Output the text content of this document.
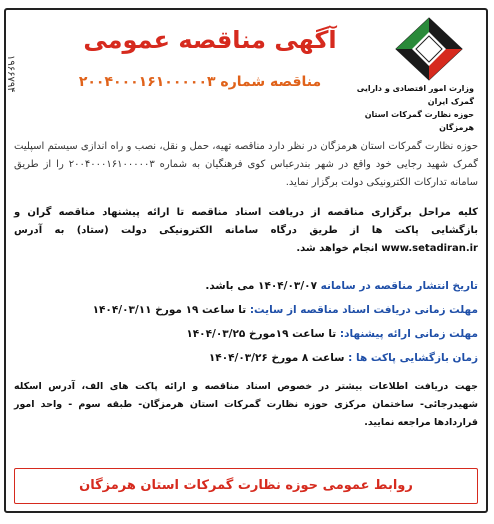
۱۹۶۶۷۹۴	وزارت امور اقتصادی و دارایی
گمرک ایران
حوزه نظارت گمرکات استان هرمزگان
آگهی مناقصه عمومی
مناقصه شماره ۲۰۰۴۰۰۰۱۶۱۰۰۰۰۰۳
حوزه نظارت گمرکات استان هرمزگان در نظر دارد مناقصه تهیه، حمل و نقل، نصب و راه اندازی سیستم اسپلیت گمرک شهید رجایی خود واقع در شهر بندرعباس کوی فرهنگیان به شماره ۲۰۰۴۰۰۰۱۶۱۰۰۰۰۰۳ را از طریق سامانه تدارکات الکترونیکی دولت برگزار نماید.
کلیه مراحل برگزاری مناقصه از دریافت اسناد مناقصه تا ارائه پیشنهاد مناقصه گران و بازگشایی پاکت ها از طریق درگاه سامانه الکترونیکی دولت (ستاد) به آدرس www.setadiran.ir انجام خواهد شد.
تاریخ انتشار مناقصه در سامانه ۱۴۰۴/۰۳/۰۷ می باشد.
مهلت زمانی دریافت اسناد مناقصه از سایت: تا ساعت ۱۹ مورخ ۱۴۰۴/۰۳/۱۱
مهلت زمانی ارائه پیشنهاد: تا ساعت ۱۹مورخ ۱۴۰۴/۰۳/۲۵
زمان بازگشایی پاکت ها : ساعت ۸ مورخ ۱۴۰۴/۰۳/۲۶
جهت دریافت اطلاعات بیشتر در خصوص اسناد مناقصه و ارائه پاکت های الف، آدرس اسکله شهیدرجائی- ساختمان مرکزی حوزه نظارت گمرکات استان هرمزگان- طبقه سوم - واحد امور قراردادها مراجعه نمایید.
روابط عمومی حوزه نظارت گمرکات استان هرمزگان
